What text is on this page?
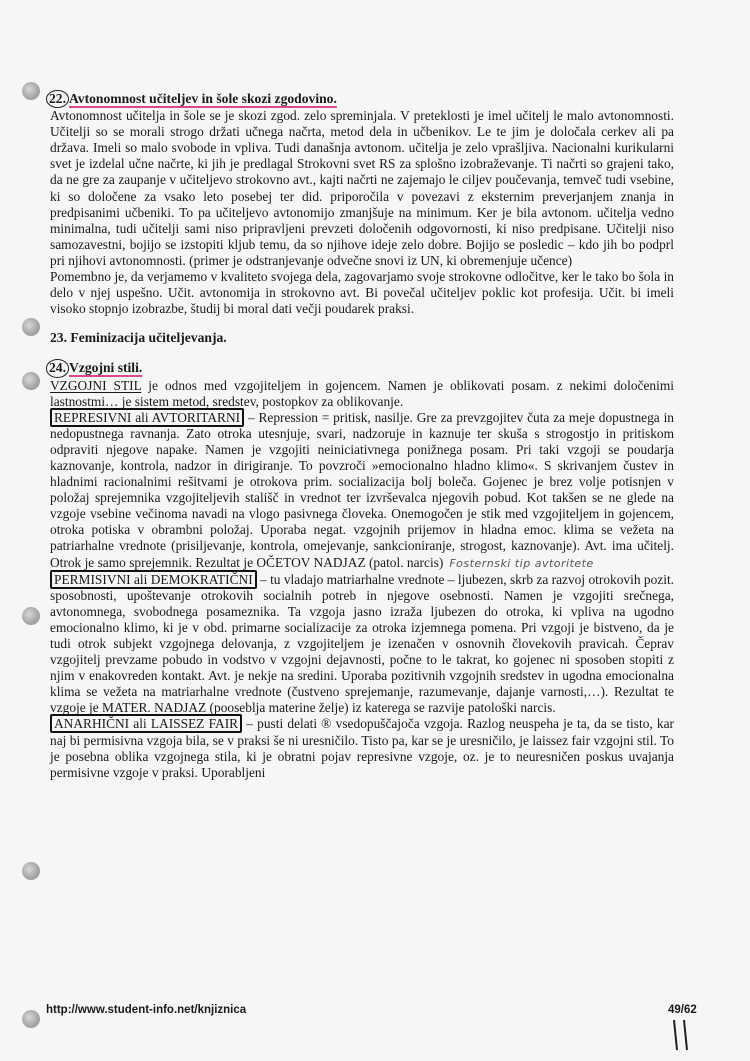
22. Avtonomnost učiteljev in šole skozi zgodovino.

Avtonomnost učitelja in šole se je skozi zgod. zelo spreminjala. V preteklosti je imel učitelj le malo avtonomnosti. Učitelji so se morali strogo držati učnega načrta, metod dela in učbenikov. Le te jim je določala cerkev ali pa država. Imeli so malo svobode in vpliva. Tudi današnja avtonom. učitelja je zelo vprašljiva. Nacionalni kurikularni svet je izdelal učne načrte, ki jih je predlagal Strokovni svet RS za splošno izobraževanje. Ti načrti so grajeni tako, da ne gre za zaupanje v učiteljevo strokovno avt., kajti načrti ne zajemajo le ciljev poučevanja, temveč tudi vsebine, ki so določene za vsako leto posebej ter did. priporočila v povezavi z eksternim preverjanjem znanja in predpisanimi učbeniki. To pa učiteljevo avtonomijo zmanjšuje na minimum. Ker je bila avtonom. učitelja vedno minimalna, tudi učitelji sami niso pripravljeni prevzeti določenih odgovornosti, ki niso predpisane. Učitelji niso samozavestni, bojijo se izstopiti kljub temu, da so njihove ideje zelo dobre. Bojijo se posledic – kdo jih bo podprl pri njihovi avtonomnosti. (primer je odstranjevanje odvečne snovi iz UN, ki obremenjuje učence)

Pomembno je, da verjamemo v kvaliteto svojega dela, zagovarjamo svoje strokovne odločitve, ker le tako bo šola in delo v njej uspešno. Učit. avtonomija in strokovno avt. Bi povečal učiteljev poklic kot profesija. Učit. bi imeli visoko stopnjo izobrazbe, študij bi moral dati večji poudarek praksi.

23. Feminizacija učiteljevanja.

24. Vzgojni stili.

VZGOJNI STIL je odnos med vzgojiteljem in gojencem. Namen je oblikovati posam. z nekimi določenimi lastnostmi… je sistem metod, sredstev, postopkov za oblikovanje.

REPRESIVNI ali AVTORITARNI – Repression = pritisk, nasilje. Gre za prevzgojitev čuta za meje dopustnega in nedopustnega ravnanja. Zato otroka utesnjuje, svari, nadzoruje in kaznuje ter skuša s strogostjo in pritiskom odpraviti njegove napake. Namen je vzgojiti neiniciativnega ponižnega posam. Pri taki vzgoji se poudarja kaznovanje, kontrola, nadzor in dirigiranje. To povzroči »emocionalno hladno klimo«. S skrivanjem čustev in hladnimi racionalnimi rešitvami je otrokova prim. socializacija bolj boleča. Gojenec je brez volje potisnjen v položaj sprejemnika vzgojiteljevih stališč in vrednot ter izvrševalca njegovih pobud. Kot takšen se ne glede na vzgoje vsebine večinoma navadi na vlogo pasivnega človeka. Onemogočen je stik med vzgojiteljem in gojencem, otroka potiska v obrambni položaj. Uporaba negat. vzgojnih prijemov in hladna emoc. klima se vežeta na patriarhalne vrednote (prisiljevanje, kontrola, omejevanje, sankcioniranje, strogost, kaznovanje). Avt. ima učitelj. Otrok je samo sprejemnik. Rezultat je OČETOV NADJAZ (patol. narcis) Fosternski tip avtoritete

PERMISIVNI ali DEMOKRATIČNI – tu vladajo matriarhalne vrednote – ljubezen, skrb za razvoj otrokovih pozit. sposobnosti, upoštevanje otrokovih socialnih potreb in njegove osebnosti. Namen je vzgojiti srečnega, avtonomnega, svobodnega posameznika. Ta vzgoja jasno izraža ljubezen do otroka, ki vpliva na ugodno emocionalno klimo, ki je v obd. primarne socializacije za otroka izjemnega pomena. Pri vzgoji je bistveno, da je tudi otrok subjekt vzgojnega delovanja, z vzgojiteljem je izenačen v osnovnih človekovih pravicah. Čeprav vzgojitelj prevzame pobudo in vodstvo v vzgojni dejavnosti, počne to le takrat, ko gojenec ni sposoben stopiti z njim v enakovreden kontakt. Avt. je nekje na sredini. Uporaba pozitivnih vzgojnih sredstev in ugodna emocionalna klima se vežeta na matriarhalne vrednote (čustveno sprejemanje, razumevanje, dajanje varnosti,…). Rezultat te vzgoje je MATER. NADJAZ (pooseblja materine želje) iz katerega se razvije patološki narcis.

ANARHIČNI ali LAISSEZ FAIR – pusti delati ® vsedopuščajoča vzgoja. Razlog neuspeha je ta, da se tisto, kar naj bi permisivna vzgoja bila, se v praksi še ni uresničilo. Tisto pa, kar se je uresničilo, je laissez fair vzgojni stil. To je posebna oblika vzgojnega stila, ki je obratni pojav represivne vzgoje, oz. je to neuresničen poskus uvajanja permisivne vzgoje v praksi. Uporabljeni

http://www.student-info.net/knjiznica	49/62
